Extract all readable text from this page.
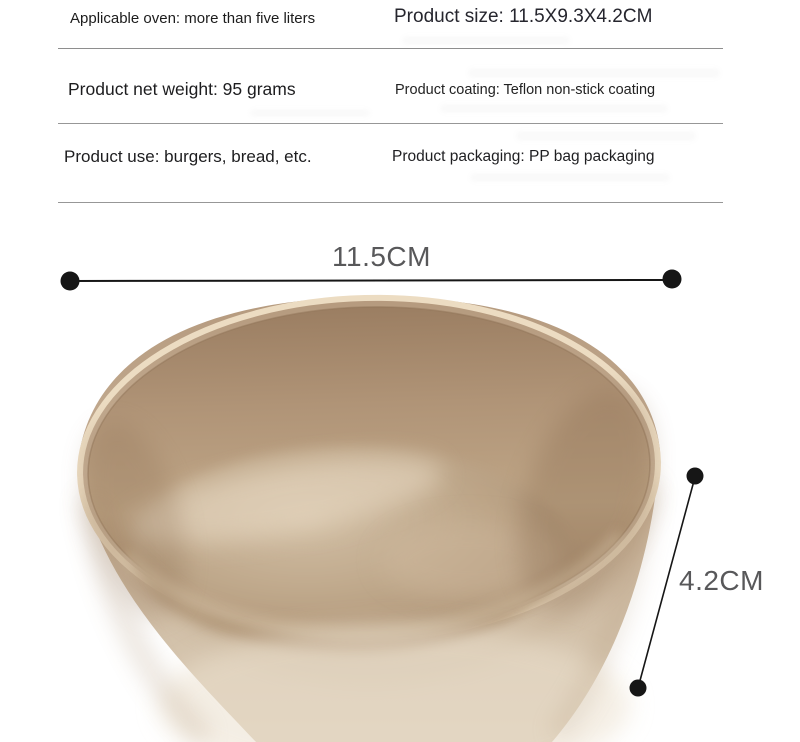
Applicable oven: more than five liters	Product size: 11.5X9.3X4.2CM
Product net weight: 95 grams	Product coating: Teflon non-stick coating
Product use: burgers, bread, etc.	Product packaging: PP bag packaging
11.5CM
4.2CM
